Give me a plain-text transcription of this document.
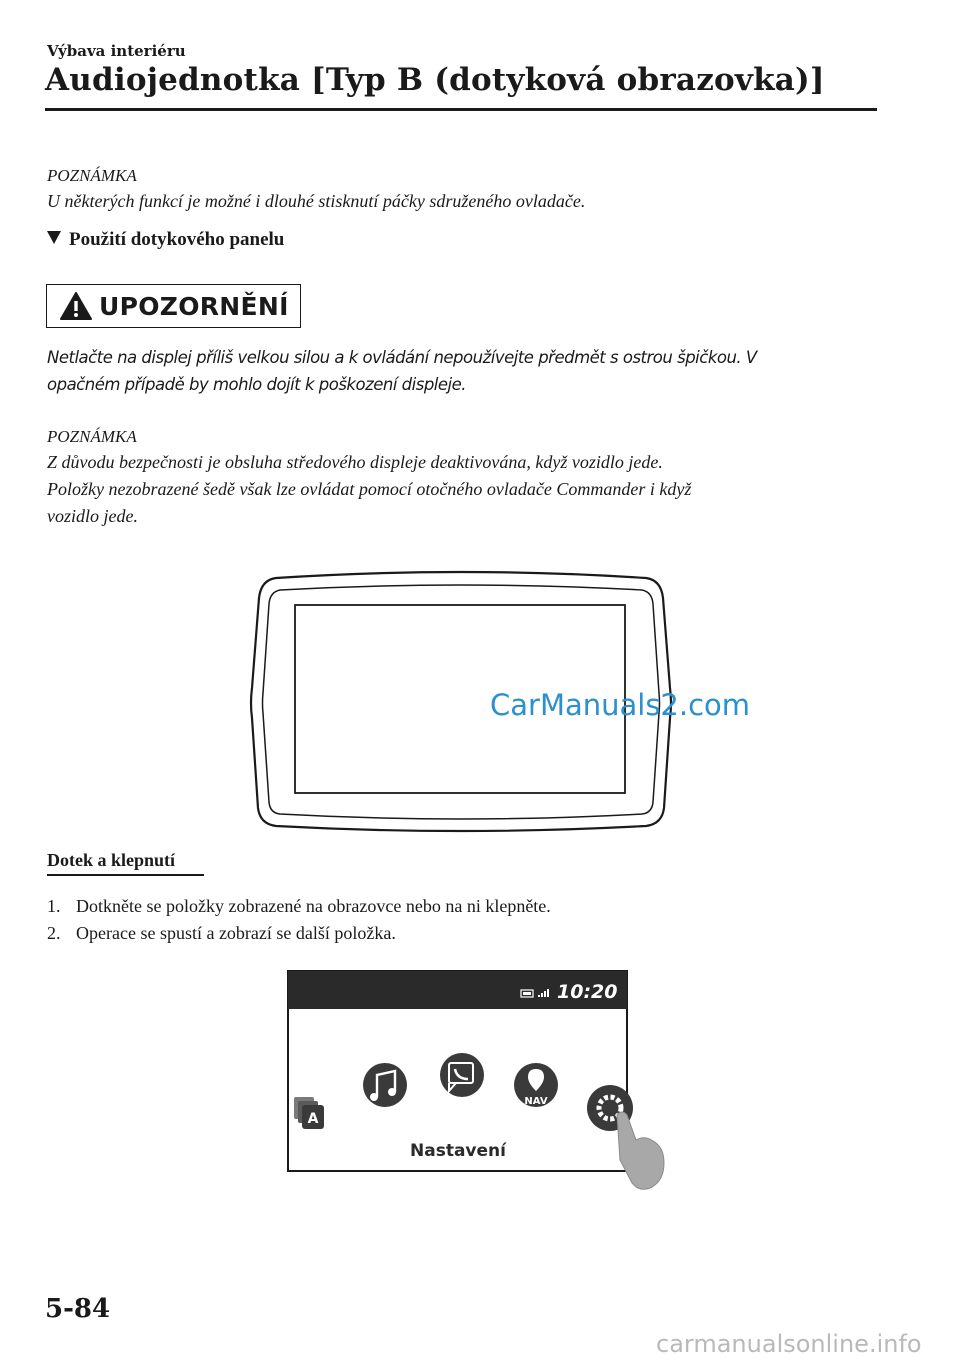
Výbava interiéru
Audiojednotka [Typ B (dotyková obrazovka)]
POZNÁMKA
U některých funkcí je možné i dlouhé stisknutí páčky sdruženého ovladače.
Použití dotykového panelu
UPOZORNĚNÍ
Netlačte na displej příliš velkou silou a k ovládání nepoužívejte předmět s ostrou špičkou. V
opačném případě by mohlo dojít k poškození displeje.
POZNÁMKA
Z důvodu bezpečnosti je obsluha středového displeje deaktivována, když vozidlo jede.
Položky nezobrazené šedě však lze ovládat pomocí otočného ovladače Commander i když
vozidlo jede.
CarManuals2.com
Dotek a klepnutí
1. Dotkněte se položky zobrazené na obrazovce nebo na ni klepněte.
2. Operace se spustí a zobrazí se další položka.
10:20
A
NAV
Nastavení
5-84
carmanualsonline.info
